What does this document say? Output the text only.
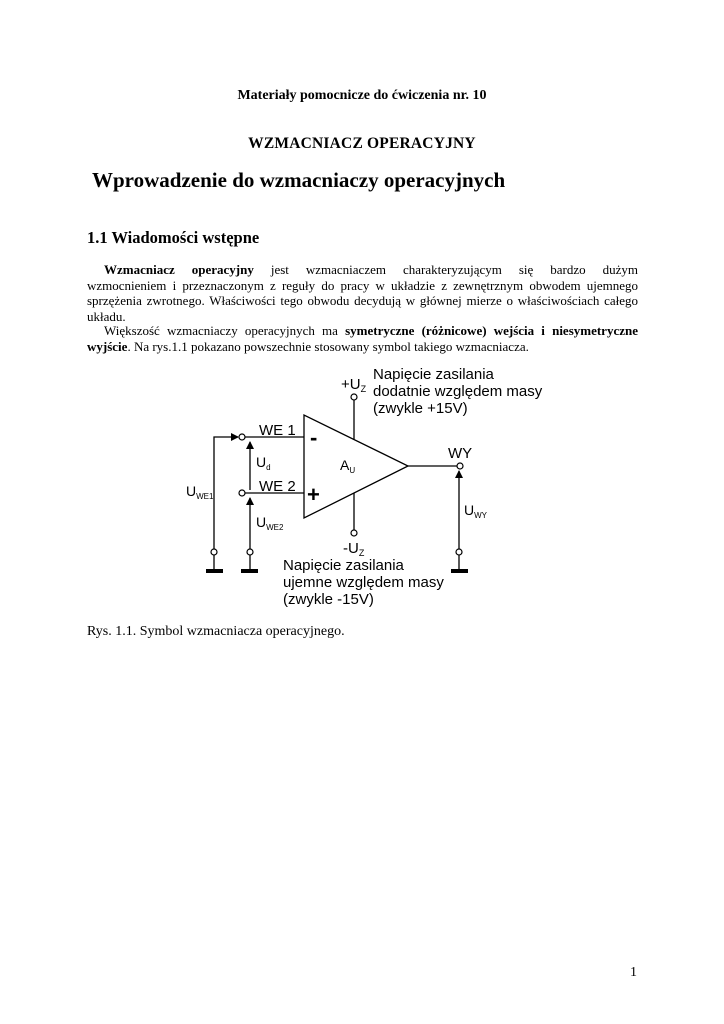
Materiały pomocnicze do ćwiczenia nr. 10
WZMACNIACZ OPERACYJNY
Wprowadzenie do wzmacniaczy operacyjnych
1.1 Wiadomości wstępne
Wzmacniacz operacyjny jest wzmacniaczem charakteryzującym się bardzo dużym
wzmocnieniem i przeznaczonym z reguły do pracy w układzie z zewnętrznym obwodem ujemnego
sprzężenia zwrotnego. Właściwości tego obwodu decydują w głównej mierze o właściwościach całego
układu.
Większość wzmacniaczy operacyjnych ma symetryczne (różnicowe) wejścia i niesymetryczne
wyjście. Na rys.1.1 pokazano powszechnie stosowany symbol takiego wzmacniacza.
$+U_Z$
Napięcie zasilania
dodatnie względem masy
(zwykle +15V)
WE 1
WE 2
-
+
$U_d$	$A_U$
WY
$U_{WE1}$
$U_{WE2}$
$U_{WY}$
$-U_Z$
Napięcie zasilania
ujemne względem masy
(zwykle -15V)
Rys. 1.1. Symbol wzmacniacza operacyjnego.
1
